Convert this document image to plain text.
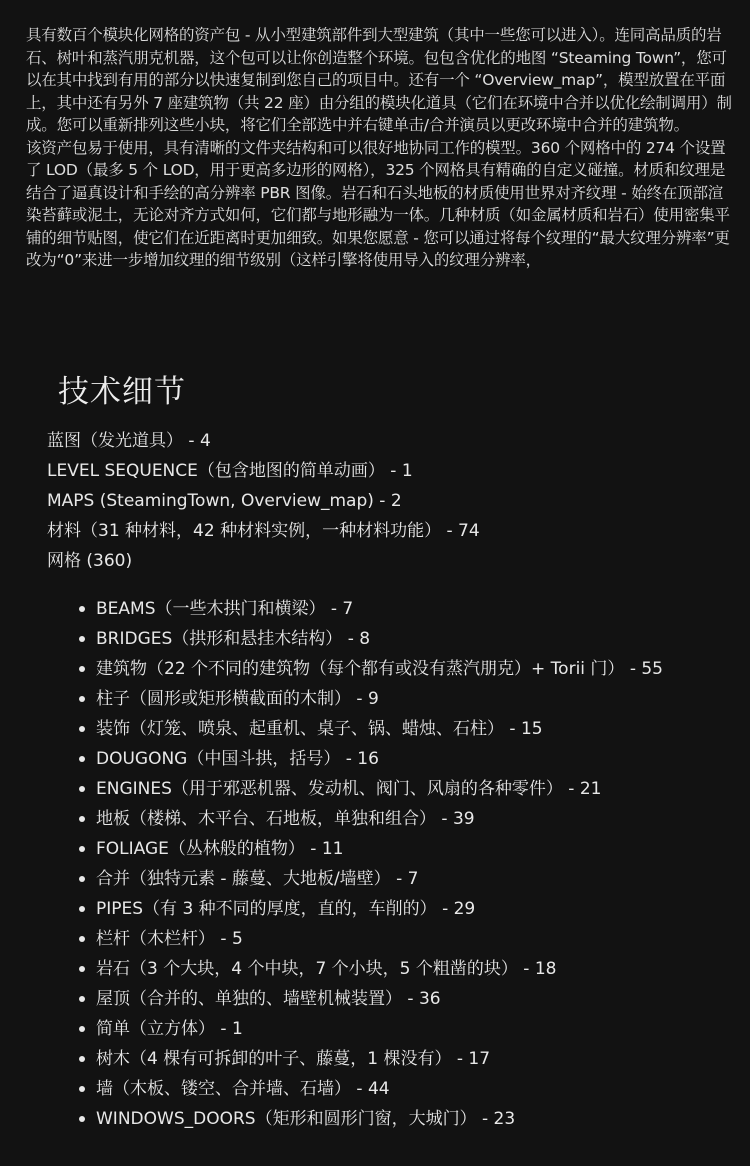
具有数百个模块化网格的资产包 - 从小型建筑部件到大型建筑（其中一些您可以进入）。连同高品质的岩石、树叶和蒸汽朋克机器，这个包可以让你创造整个环境。包包含优化的地图 “Steaming Town”，您可以在其中找到有用的部分以快速复制到您自己的项目中。还有一个 “Overview_map”，模型放置在平面上，其中还有另外 7 座建筑物（共 22 座）由分组的模块化道具（它们在环境中合并以优化绘制调用）制成。您可以重新排列这些小块，将它们全部选中并右键单击/合并演员以更改环境中合并的建筑物。

该资产包易于使用，具有清晰的文件夹结构和可以很好地协同工作的模型。360 个网格中的 274 个设置了 LOD（最多 5 个 LOD，用于更高多边形的网格），325 个网格具有精确的自定义碰撞。材质和纹理是结合了逼真设计和手绘的高分辨率 PBR 图像。岩石和石头地板的材质使用世界对齐纹理 - 始终在顶部渲染苔藓或泥土，无论对齐方式如何，它们都与地形融为一体。几种材质（如金属材质和岩石）使用密集平铺的细节贴图，使它们在近距离时更加细致。如果您愿意 - 您可以通过将每个纹理的“最大纹理分辨率”更改为“0”来进一步增加纹理的细节级别（这样引擎将使用导入的纹理分辨率，

技术细节
蓝图（发光道具） - 4
LEVEL SEQUENCE（包含地图的简单动画） - 1
MAPS (SteamingTown, Overview_map) - 2
材料（31 种材料，42 种材料实例，一种材料功能） - 74
网格 (360)
BEAMS（一些木拱门和横梁） - 7
BRIDGES（拱形和悬挂木结构） - 8
建筑物（22 个不同的建筑物（每个都有或没有蒸汽朋克）+ Torii 门） - 55
柱子（圆形或矩形横截面的木制） - 9
装饰（灯笼、喷泉、起重机、桌子、锅、蜡烛、石柱） - 15
DOUGONG（中国斗拱，括号） - 16
ENGINES（用于邪恶机器、发动机、阀门、风扇的各种零件） - 21
地板（楼梯、木平台、石地板，单独和组合） - 39
FOLIAGE（丛林般的植物） - 11
合并（独特元素 - 藤蔓、大地板/墙壁） - 7
PIPES（有 3 种不同的厚度，直的，车削的） - 29
栏杆（木栏杆） - 5
岩石（3 个大块，4 个中块，7 个小块，5 个粗凿的块） - 18
屋顶（合并的、单独的、墙壁机械装置） - 36
简单（立方体） - 1
树木（4 棵有可拆卸的叶子、藤蔓，1 棵没有） - 17
墙（木板、镂空、合并墙、石墙） - 44
WINDOWS_DOORS（矩形和圆形门窗，大城门） - 23
